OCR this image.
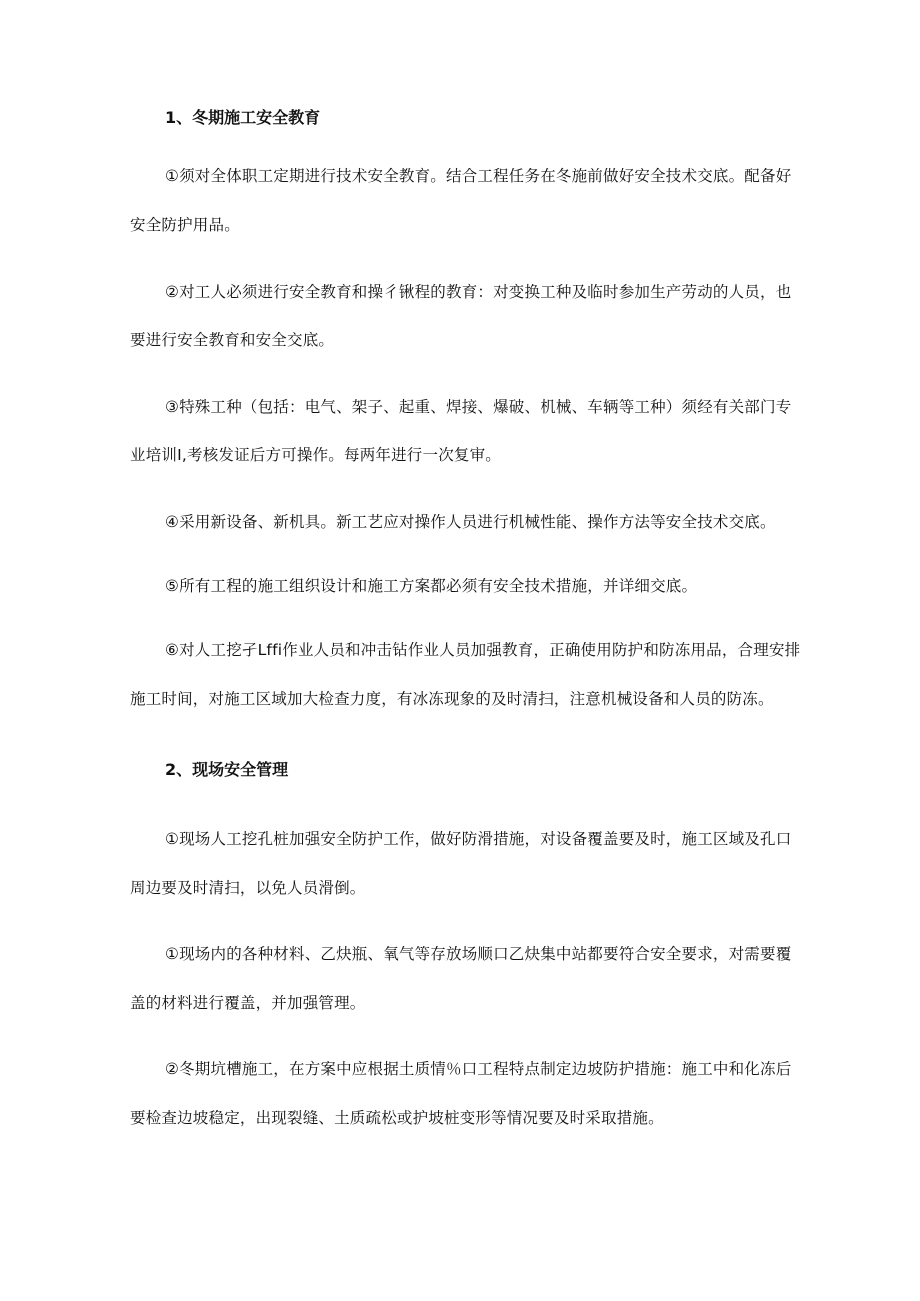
1、冬期施工安全教育
①须对全体职工定期进行技术安全教育。结合工程任务在冬施前做好安全技术交底。配备好
安全防护用品。
②对工人必须进行安全教育和操彳锹程的教育：对变换工种及临时参加生产劳动的人员，也
要进行安全教育和安全交底。
③特殊工种（包括：电气、架子、起重、焊接、爆破、机械、车辆等工种）须经有关部门专
业培训Ⅰ,考核发证后方可操作。每两年进行一次复审。
④采用新设备、新机具。新工艺应对操作人员进行机械性能、操作方法等安全技术交底。
⑤所有工程的施工组织设计和施工方案都必须有安全技术措施，并详细交底。
⑥对人工挖孑Lffi作业人员和冲击钻作业人员加强教育，正确使用防护和防冻用品，合理安排
施工时间，对施工区域加大检查力度，有冰冻现象的及时清扫，注意机械设备和人员的防冻。
2、现场安全管理
①现场人工挖孔桩加强安全防护工作，做好防滑措施，对设备覆盖要及时，施工区域及孔口
周边要及时清扫，以免人员滑倒。
①现场内的各种材料、乙炔瓶、氧气等存放场顺口乙炔集中站都要符合安全要求，对需要覆
盖的材料进行覆盖，并加强管理。
②冬期坑槽施工，在方案中应根据土质情％口工程特点制定边坡防护措施：施工中和化冻后
要检查边坡稳定，出现裂缝、土质疏松或护坡桩变形等情况要及时采取措施。
